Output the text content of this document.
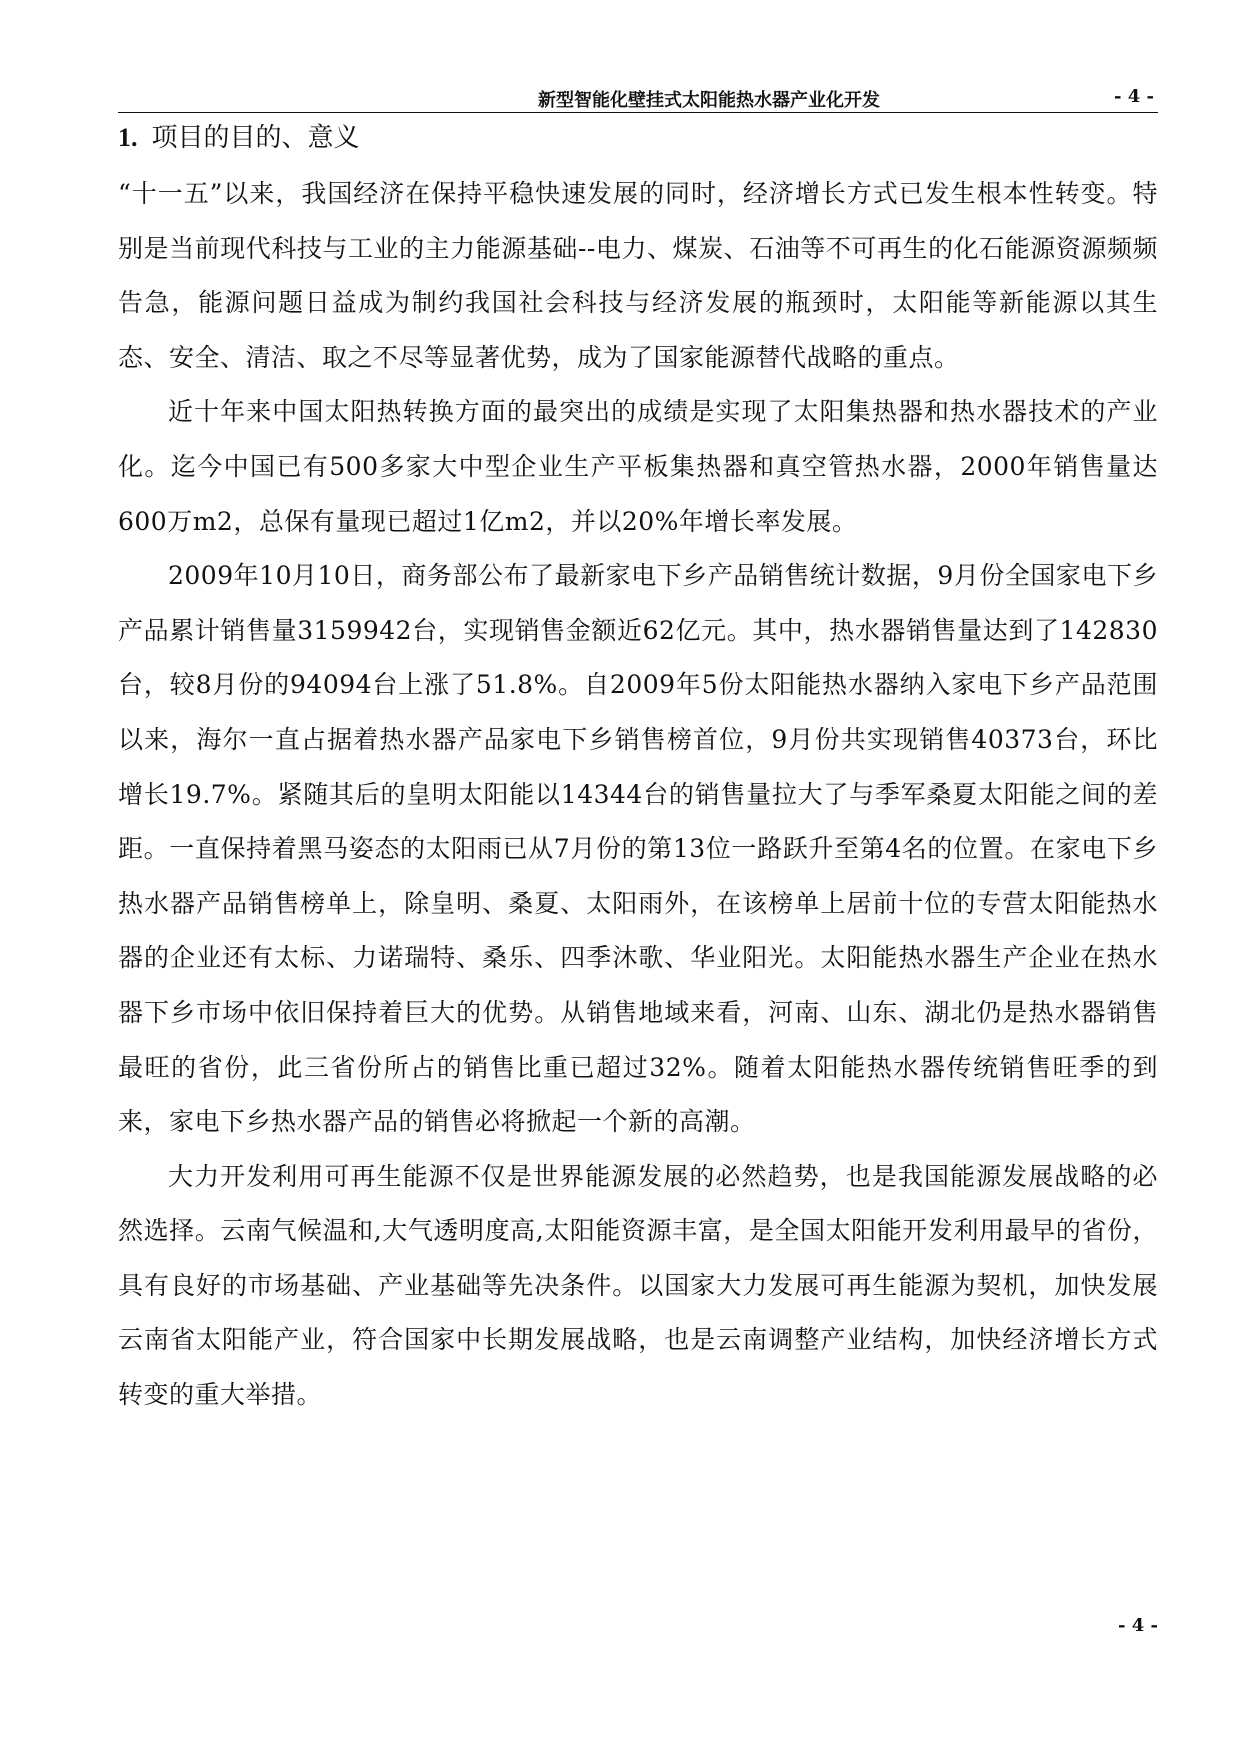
新型智能化壁挂式太阳能热水器产业化开发	- 4 -
1. 项目的目的、意义

“十一五”以来，我国经济在保持平稳快速发展的同时，经济增长方式已发生根本性转变。特别是当前现代科技与工业的主力能源基础--电力、煤炭、石油等不可再生的化石能源资源频频告急，能源问题日益成为制约我国社会科技与经济发展的瓶颈时，太阳能等新能源以其生态、安全、清洁、取之不尽等显著优势，成为了国家能源替代战略的重点。

近十年来中国太阳热转换方面的最突出的成绩是实现了太阳集热器和热水器技术的产业化。迄今中国已有500多家大中型企业生产平板集热器和真空管热水器，2000年销售量达600万m2，总保有量现已超过1亿m2，并以20%年增长率发展。

2009年10月10日，商务部公布了最新家电下乡产品销售统计数据，9月份全国家电下乡产品累计销售量3159942台，实现销售金额近62亿元。其中，热水器销售量达到了142830台，较8月份的94094台上涨了51.8%。自2009年5份太阳能热水器纳入家电下乡产品范围以来，海尔一直占据着热水器产品家电下乡销售榜首位，9月份共实现销售40373台，环比增长19.7%。紧随其后的皇明太阳能以14344台的销售量拉大了与季军桑夏太阳能之间的差距。一直保持着黑马姿态的太阳雨已从7月份的第13位一路跃升至第4名的位置。在家电下乡热水器产品销售榜单上，除皇明、桑夏、太阳雨外，在该榜单上居前十位的专营太阳能热水器的企业还有太标、力诺瑞特、桑乐、四季沐歌、华业阳光。太阳能热水器生产企业在热水器下乡市场中依旧保持着巨大的优势。从销售地域来看，河南、山东、湖北仍是热水器销售最旺的省份，此三省份所占的销售比重已超过32%。随着太阳能热水器传统销售旺季的到来，家电下乡热水器产品的销售必将掀起一个新的高潮。

大力开发利用可再生能源不仅是世界能源发展的必然趋势，也是我国能源发展战略的必然选择。云南气候温和,大气透明度高,太阳能资源丰富，是全国太阳能开发利用最早的省份，具有良好的市场基础、产业基础等先决条件。以国家大力发展可再生能源为契机，加快发展云南省太阳能产业，符合国家中长期发展战略，也是云南调整产业结构，加快经济增长方式转变的重大举措。

- 4 -
